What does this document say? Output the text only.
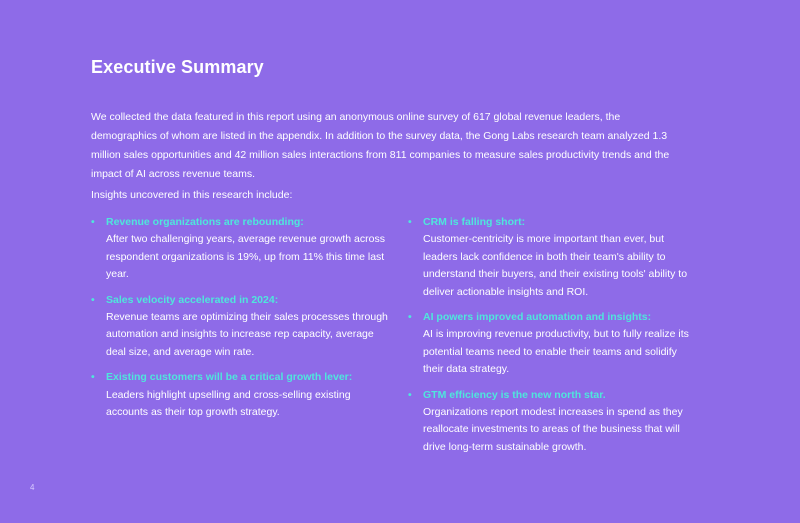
Executive Summary

We collected the data featured in this report using an anonymous online survey of 617 global revenue leaders, the demographics of whom are listed in the appendix. In addition to the survey data, the Gong Labs research team analyzed 1.3 million sales opportunities and 42 million sales interactions from 811 companies to measure sales productivity trends and the impact of AI across revenue teams.

Insights uncovered in this research include:

• Revenue organizations are rebounding:
After two challenging years, average revenue growth across respondent organizations is 19%, up from 11% this time last year.
• Sales velocity accelerated in 2024:
Revenue teams are optimizing their sales processes through automation and insights to increase rep capacity, average deal size, and average win rate.
• Existing customers will be a critical growth lever:
Leaders highlight upselling and cross-selling existing accounts as their top growth strategy.
• CRM is falling short:
Customer-centricity is more important than ever, but leaders lack confidence in both their team's ability to understand their buyers, and their existing tools' ability to deliver actionable insights and ROI.
• AI powers improved automation and insights:
AI is improving revenue productivity, but to fully realize its potential teams need to enable their teams and solidify their data strategy.
• GTM efficiency is the new north star.
Organizations report modest increases in spend as they reallocate investments to areas of the business that will drive long-term sustainable growth.
4
